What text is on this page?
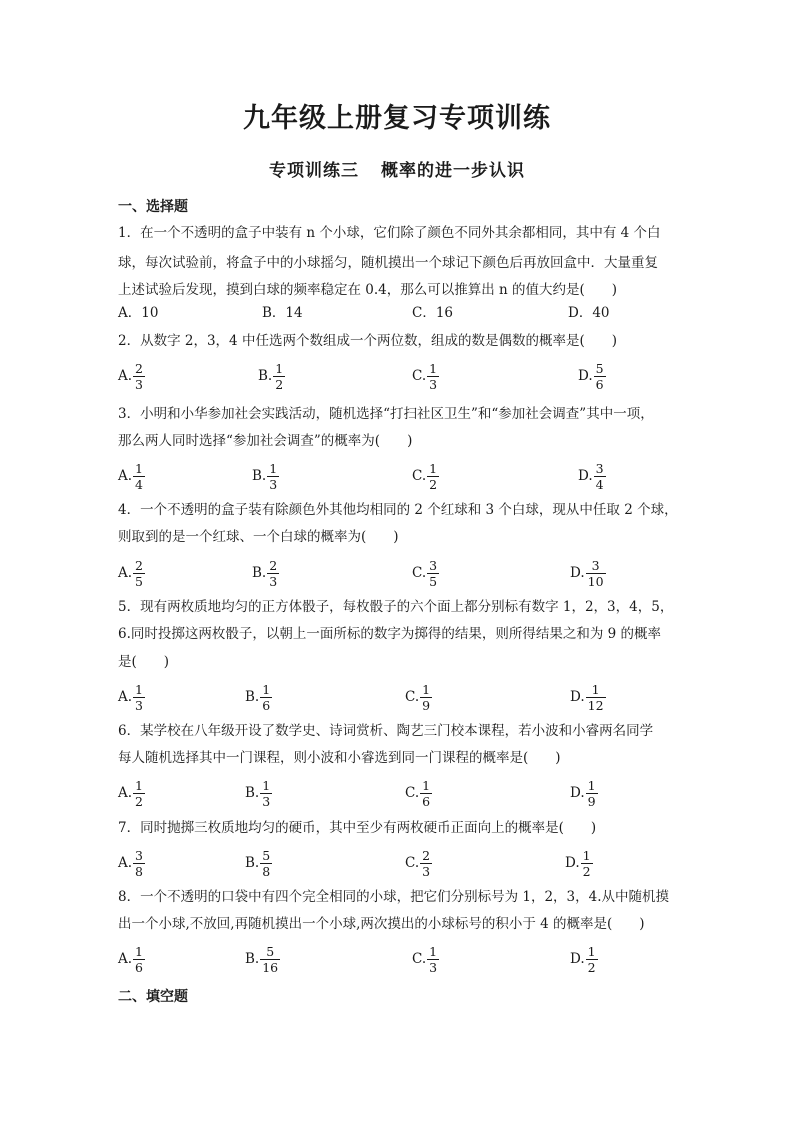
九年级上册复习专项训练
专项训练三 概率的进一步认识
一、选择题
1．在一个不透明的盒子中装有 n 个小球，它们除了颜色不同外其余都相同，其中有 4 个白
球，每次试验前，将盒子中的小球摇匀，随机摸出一个球记下颜色后再放回盒中．大量重复
上述试验后发现，摸到白球的频率稳定在 0.4，那么可以推算出 n 的值大约是(　　)
A．10	B．14	C．16	D．40
2．从数字 2，3，4 中任选两个数组成一个两位数，组成的数是偶数的概率是(　　)
A. $\frac{2}{3}$	B. $\frac{1}{2}$	C. $\frac{1}{3}$	D. $\frac{5}{6}$
3．小明和小华参加社会实践活动，随机选择“打扫社区卫生”和“参加社会调查”其中一项，
那么两人同时选择“参加社会调查”的概率为(　　)
A. $\frac{1}{4}$	B. $\frac{1}{3}$	C. $\frac{1}{2}$	D. $\frac{3}{4}$
4．一个不透明的盒子装有除颜色外其他均相同的 2 个红球和 3 个白球，现从中任取 2 个球，
则取到的是一个红球、一个白球的概率为(　　)
A. $\frac{2}{5}$	B. $\frac{2}{3}$	C. $\frac{3}{5}$	D. $\frac{3}{10}$
5．现有两枚质地均匀的正方体骰子，每枚骰子的六个面上都分别标有数字 1，2，3，4，5，
6.同时投掷这两枚骰子，以朝上一面所标的数字为掷得的结果，则所得结果之和为 9 的概率
是(　　)
A. $\frac{1}{3}$	B. $\frac{1}{6}$	C. $\frac{1}{9}$	D. $\frac{1}{12}$
6．某学校在八年级开设了数学史、诗词赏析、陶艺三门校本课程，若小波和小睿两名同学
每人随机选择其中一门课程，则小波和小睿选到同一门课程的概率是(　　)
A. $\frac{1}{2}$	B. $\frac{1}{3}$	C. $\frac{1}{6}$	D. $\frac{1}{9}$
7．同时抛掷三枚质地均匀的硬币，其中至少有两枚硬币正面向上的概率是(　　)
A. $\frac{3}{8}$	B. $\frac{5}{8}$	C. $\frac{2}{3}$	D. $\frac{1}{2}$
8．一个不透明的口袋中有四个完全相同的小球，把它们分别标号为 1，2，3，4.从中随机摸
出一个小球,不放回,再随机摸出一个小球,两次摸出的小球标号的积小于 4 的概率是(　　)
A. $\frac{1}{6}$	B. $\frac{5}{16}$	C. $\frac{1}{3}$	D. $\frac{1}{2}$
二、填空题
